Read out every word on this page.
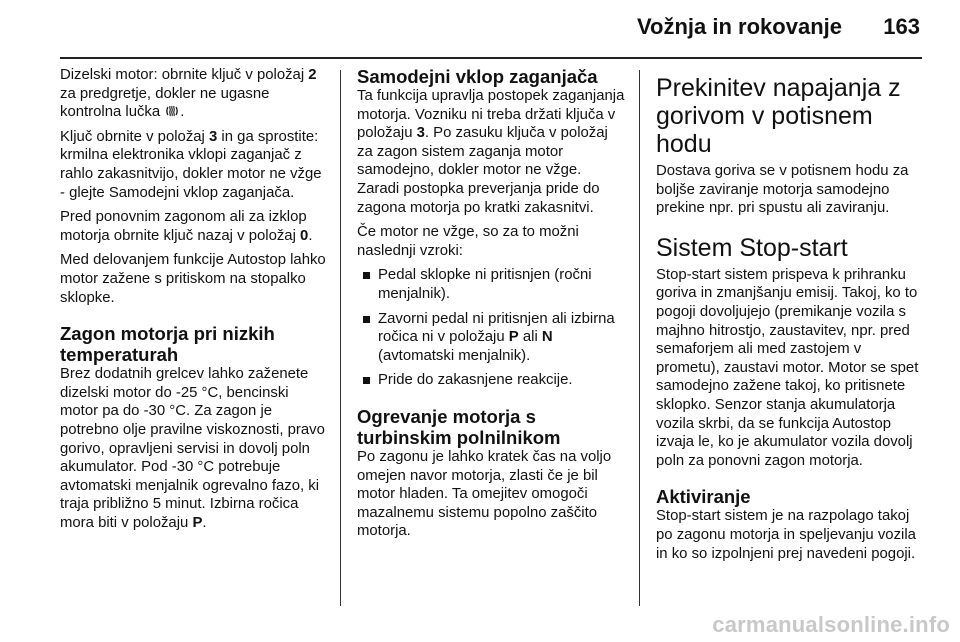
Vožnja in rokovanje 163

Dizelski motor: obrnite ključ v položaj 2 za predgretje, dokler ne ugasne kontrolna lučka .

Ključ obrnite v položaj 3 in ga sprostite: krmilna elektronika vklopi zaganjač z rahlo zakasnitvijo, dokler motor ne vžge - glejte Samodejni vklop zaganjača.

Pred ponovnim zagonom ali za izklop motorja obrnite ključ nazaj v položaj 0.

Med delovanjem funkcije Autostop lahko motor zažene s pritiskom na stopalko sklopke.

Zagon motorja pri nizkih temperaturah

Brez dodatnih grelcev lahko zaženete dizelski motor do -25 °C, bencinski motor pa do -30 °C. Za zagon je potrebno olje pravilne viskoznosti, pravo gorivo, opravljeni servisi in dovolj poln akumulator. Pod -30 °C potrebuje avtomatski menjalnik ogrevalno fazo, ki traja približno 5 minut. Izbirna ročica mora biti v položaju P.

Samodejni vklop zaganjača

Ta funkcija upravlja postopek zaganjanja motorja. Vozniku ni treba držati ključa v položaju 3. Po zasuku ključa v položaj za zagon sistem zaganja motor samodejno, dokler motor ne vžge. Zaradi postopka preverjanja pride do zagona motorja po kratki zakasnitvi.

Če motor ne vžge, so za to možni naslednji vzroki:

Pedal sklopke ni pritisnjen (ročni menjalnik).
Zavorni pedal ni pritisnjen ali izbirna ročica ni v položaju P ali N (avtomatski menjalnik).
Pride do zakasnjene reakcije.
Ogrevanje motorja s turbinskim polnilnikom

Po zagonu je lahko kratek čas na voljo omejen navor motorja, zlasti če je bil motor hladen. Ta omejitev omogoči mazalnemu sistemu popolno zaščito motorja.

Prekinitev napajanja z gorivom v potisnem hodu

Dostava goriva se v potisnem hodu za boljše zaviranje motorja samodejno prekine npr. pri spustu ali zaviranju.

Sistem Stop-start

Stop-start sistem prispeva k prihranku goriva in zmanjšanju emisij. Takoj, ko to pogoji dovoljujejo (premikanje vozila s majhno hitrostjo, zaustavitev, npr. pred semaforjem ali med zastojem v prometu), zaustavi motor. Motor se spet samodejno zažene takoj, ko pritisnete sklopko. Senzor stanja akumulatorja vozila skrbi, da se funkcija Autostop izvaja le, ko je akumulator vozila dovolj poln za ponovni zagon motorja.

Aktiviranje

Stop-start sistem je na razpolago takoj po zagonu motorja in speljevanju vozila in ko so izpolnjeni prej navedeni pogoji.

carmanualsonline.info
